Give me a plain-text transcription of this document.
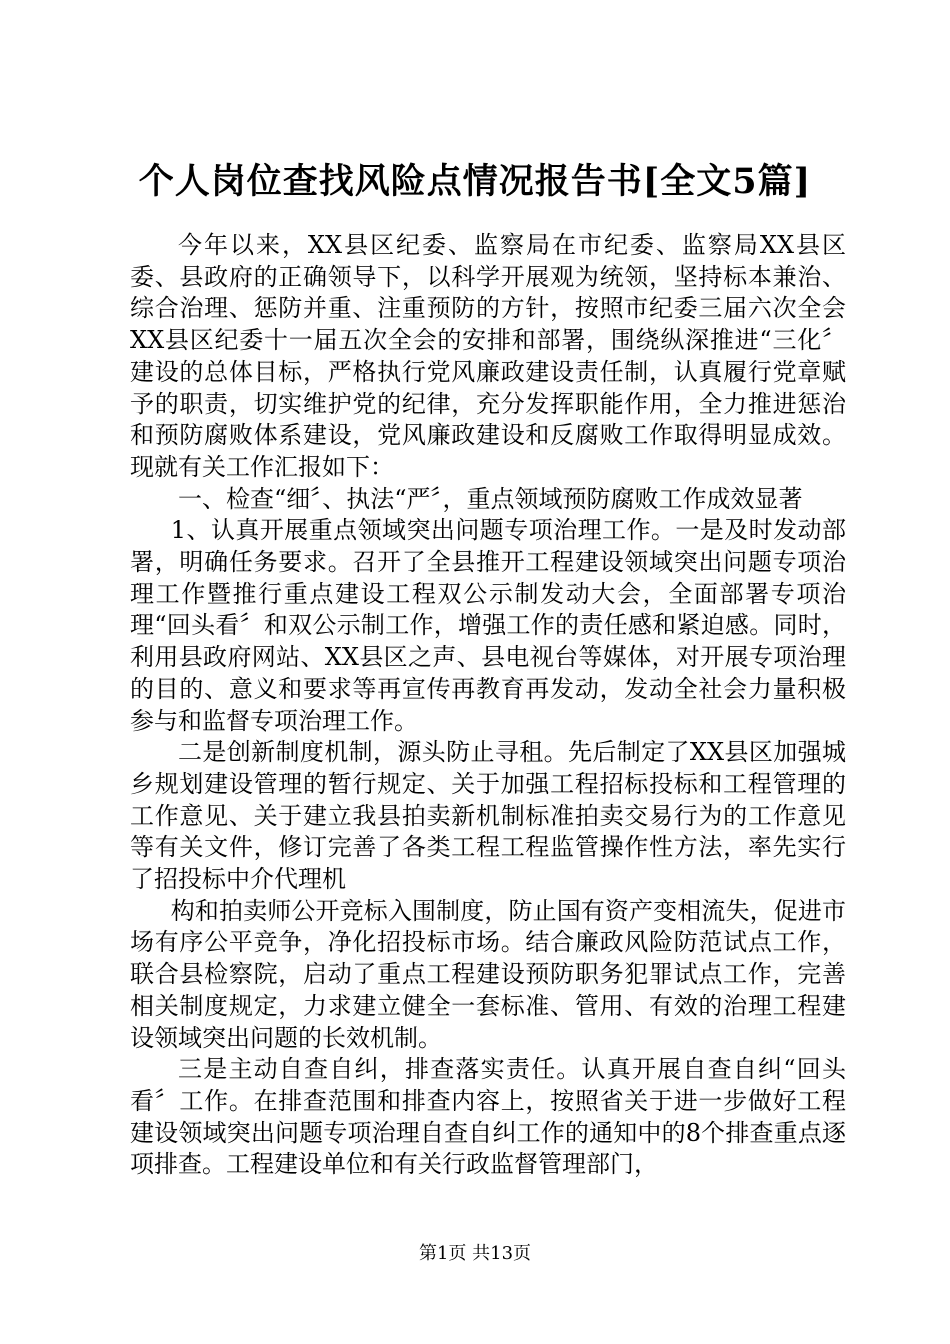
个人岗位查找风险点情况报告书[全文5篇]

今年以来，XX县区纪委、监察局在市纪委、监察局XX县区委、县政府的正确领导下，以科学开展观为统领，坚持标本兼治、综合治理、惩防并重、注重预防的方针，按照市纪委三届六次全会XX县区纪委十一届五次全会的安排和部署，围绕纵深推进“三化〞建设的总体目标，严格执行党风廉政建设责任制，认真履行党章赋予的职责，切实维护党的纪律，充分发挥职能作用，全力推进惩治和预防腐败体系建设，党风廉政建设和反腐败工作取得明显成效。现就有关工作汇报如下：

一、检查“细〞、执法“严〞，重点领域预防腐败工作成效显著

1、认真开展重点领域突出问题专项治理工作。一是及时发动部署，明确任务要求。召开了全县推开工程建设领域突出问题专项治理工作暨推行重点建设工程双公示制发动大会，全面部署专项治理“回头看〞和双公示制工作，增强工作的责任感和紧迫感。同时，利用县政府网站、XX县区之声、县电视台等媒体，对开展专项治理的目的、意义和要求等再宣传再教育再发动，发动全社会力量积极参与和监督专项治理工作。

二是创新制度机制，源头防止寻租。先后制定了XX县区加强城乡规划建设管理的暂行规定、关于加强工程招标投标和工程管理的工作意见、关于建立我县拍卖新机制标准拍卖交易行为的工作意见等有关文件，修订完善了各类工程工程监管操作性方法，率先实行了招投标中介代理机

构和拍卖师公开竞标入围制度，防止国有资产变相流失，促进市场有序公平竞争，净化招投标市场。结合廉政风险防范试点工作，联合县检察院，启动了重点工程建设预防职务犯罪试点工作，完善相关制度规定，力求建立健全一套标准、管用、有效的治理工程建设领域突出问题的长效机制。

三是主动自查自纠，排查落实责任。认真开展自查自纠“回头看〞工作。在排查范围和排查内容上，按照省关于进一步做好工程建设领域突出问题专项治理自查自纠工作的通知中的8个排查重点逐项排查。工程建设单位和有关行政监督管理部门，

第1页 共13页
